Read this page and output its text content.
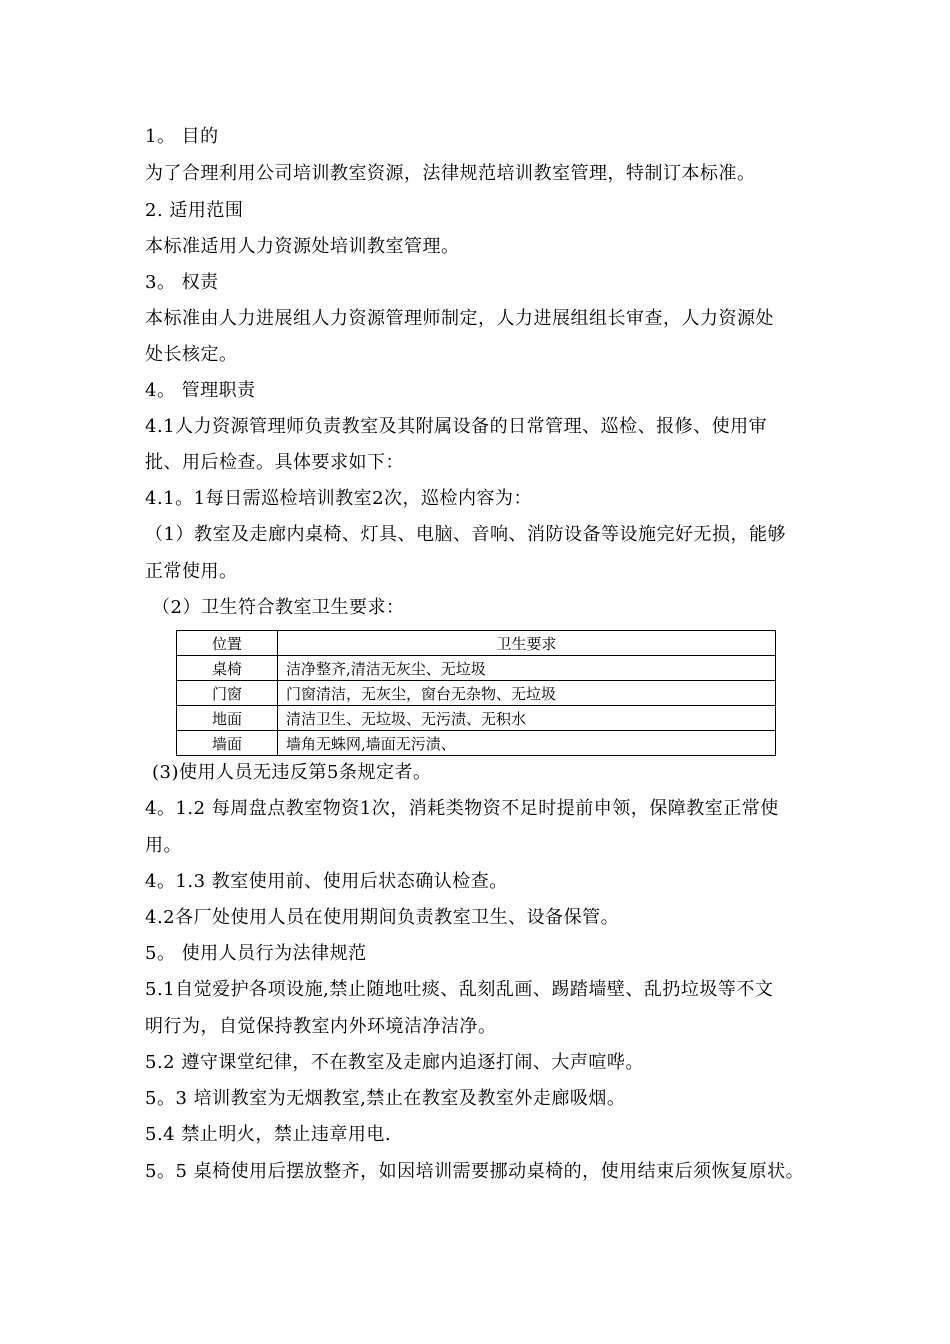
1。 目的
为了合理利用公司培训教室资源，法律规范培训教室管理，特制订本标准。
2. 适用范围
本标准适用人力资源处培训教室管理。
3。 权责
本标准由人力进展组人力资源管理师制定，人力进展组组长审查，人力资源处
处长核定。
4。 管理职责
4.1人力资源管理师负责教室及其附属设备的日常管理、巡检、报修、使用审
批、用后检查。具体要求如下：
4.1。1每日需巡检培训教室2次，巡检内容为：
（1）教室及走廊内桌椅、灯具、电脑、音响、消防设备等设施完好无损，能够
正常使用。
（2）卫生符合教室卫生要求：
位置	卫生要求
桌椅	洁净整齐,清洁无灰尘、无垃圾
门窗	门窗清洁，无灰尘，窗台无杂物、无垃圾
地面	清洁卫生、无垃圾、无污渍、无积水
墙面	墙角无蛛网,墙面无污渍、
(3)使用人员无违反第5条规定者。
4。1.2 每周盘点教室物资1次，消耗类物资不足时提前申领，保障教室正常使
用。
4。1.3 教室使用前、使用后状态确认检查。
4.2各厂处使用人员在使用期间负责教室卫生、设备保管。
5。 使用人员行为法律规范
5.1自觉爱护各项设施,禁止随地吐痰、乱刻乱画、踢踏墙壁、乱扔垃圾等不文
明行为，自觉保持教室内外环境洁净洁净。
5.2 遵守课堂纪律，不在教室及走廊内追逐打闹、大声喧哗。
5。3 培训教室为无烟教室,禁止在教室及教室外走廊吸烟。
5.4 禁止明火，禁止违章用电.
5。5 桌椅使用后摆放整齐，如因培训需要挪动桌椅的，使用结束后须恢复原状。
